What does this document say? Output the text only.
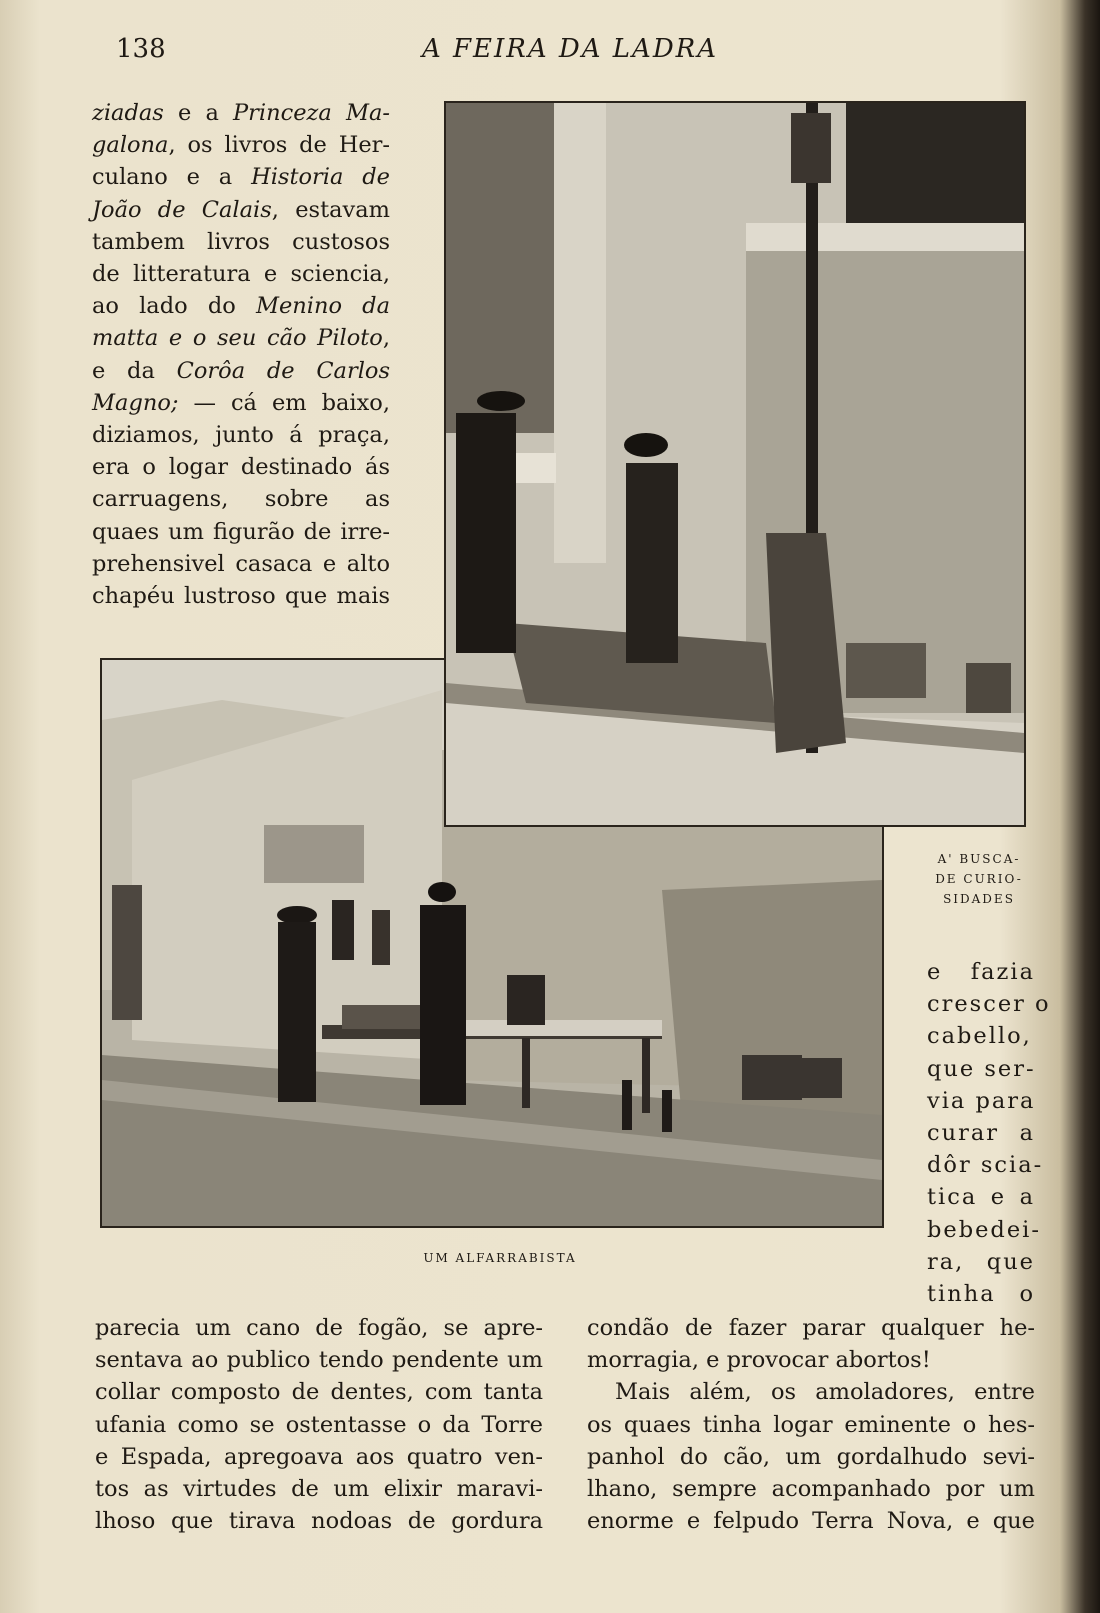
138	A FEIRA DA LADRA
ziadas e a Princeza Ma-
galona, os livros de Her-
culano e a Historia de
João de Calais, estavam
tambem livros custosos
de litteratura e sciencia,
ao lado do Menino da
matta e o seu cão Piloto,
e da Corôa de Carlos
Magno; — cá em baixo,
diziamos, junto á praça,
era o logar destinado ás
carruagens, sobre as
quaes um figurão de irre-
prehensivel casaca e alto
chapéu lustroso que mais
A' BUSCA-
DE CURIO-
SIDADES
UM ALFARRABISTA
e fazia
crescer o
cabello,
que ser-
via para
curar a
dôr scia-
tica e a
bebedei-
ra, que
tinha o
parecia um cano de fogão, se apre-
sentava ao publico tendo pendente um
collar composto de dentes, com tanta
ufania como se ostentasse o da Torre
e Espada, apregoava aos quatro ven-
tos as virtudes de um elixir maravi-
lhoso que tirava nodoas de gordura
condão de fazer parar qualquer he-
morragia, e provocar abortos!
Mais além, os amoladores, entre
os quaes tinha logar eminente o hes-
panhol do cão, um gordalhudo sevi-
lhano, sempre acompanhado por um
enorme e felpudo Terra Nova, e que
